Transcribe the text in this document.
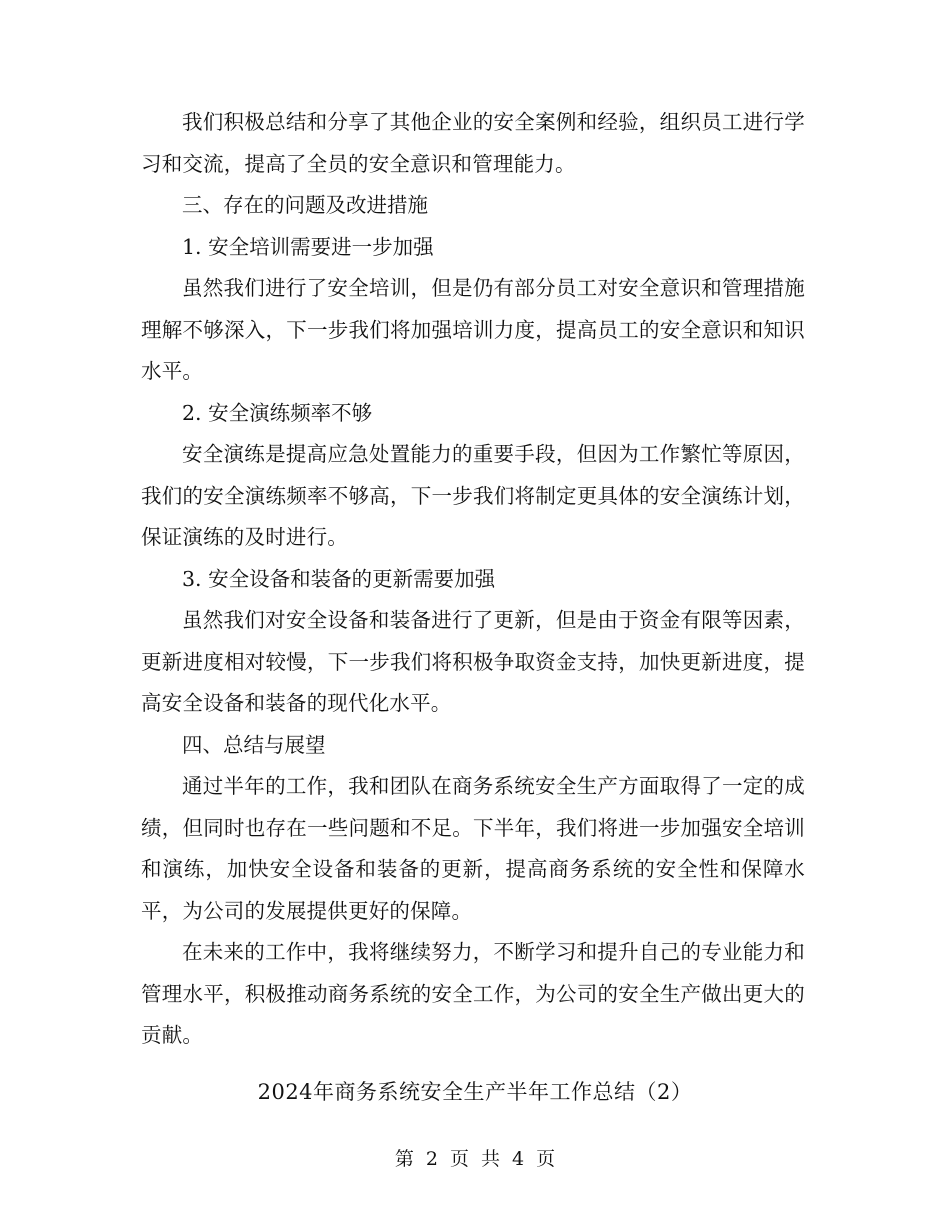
我们积极总结和分享了其他企业的安全案例和经验，组织员工进行学习和交流，提高了全员的安全意识和管理能力。

三、存在的问题及改进措施

1. 安全培训需要进一步加强

虽然我们进行了安全培训，但是仍有部分员工对安全意识和管理措施理解不够深入，下一步我们将加强培训力度，提高员工的安全意识和知识水平。

2. 安全演练频率不够

安全演练是提高应急处置能力的重要手段，但因为工作繁忙等原因，我们的安全演练频率不够高，下一步我们将制定更具体的安全演练计划，保证演练的及时进行。

3. 安全设备和装备的更新需要加强

虽然我们对安全设备和装备进行了更新，但是由于资金有限等因素，更新进度相对较慢，下一步我们将积极争取资金支持，加快更新进度，提高安全设备和装备的现代化水平。

四、总结与展望

通过半年的工作，我和团队在商务系统安全生产方面取得了一定的成绩，但同时也存在一些问题和不足。下半年，我们将进一步加强安全培训和演练，加快安全设备和装备的更新，提高商务系统的安全性和保障水平，为公司的发展提供更好的保障。

在未来的工作中，我将继续努力，不断学习和提升自己的专业能力和管理水平，积极推动商务系统的安全工作，为公司的安全生产做出更大的贡献。

2024年商务系统安全生产半年工作总结（2）
第 2 页 共 4 页
